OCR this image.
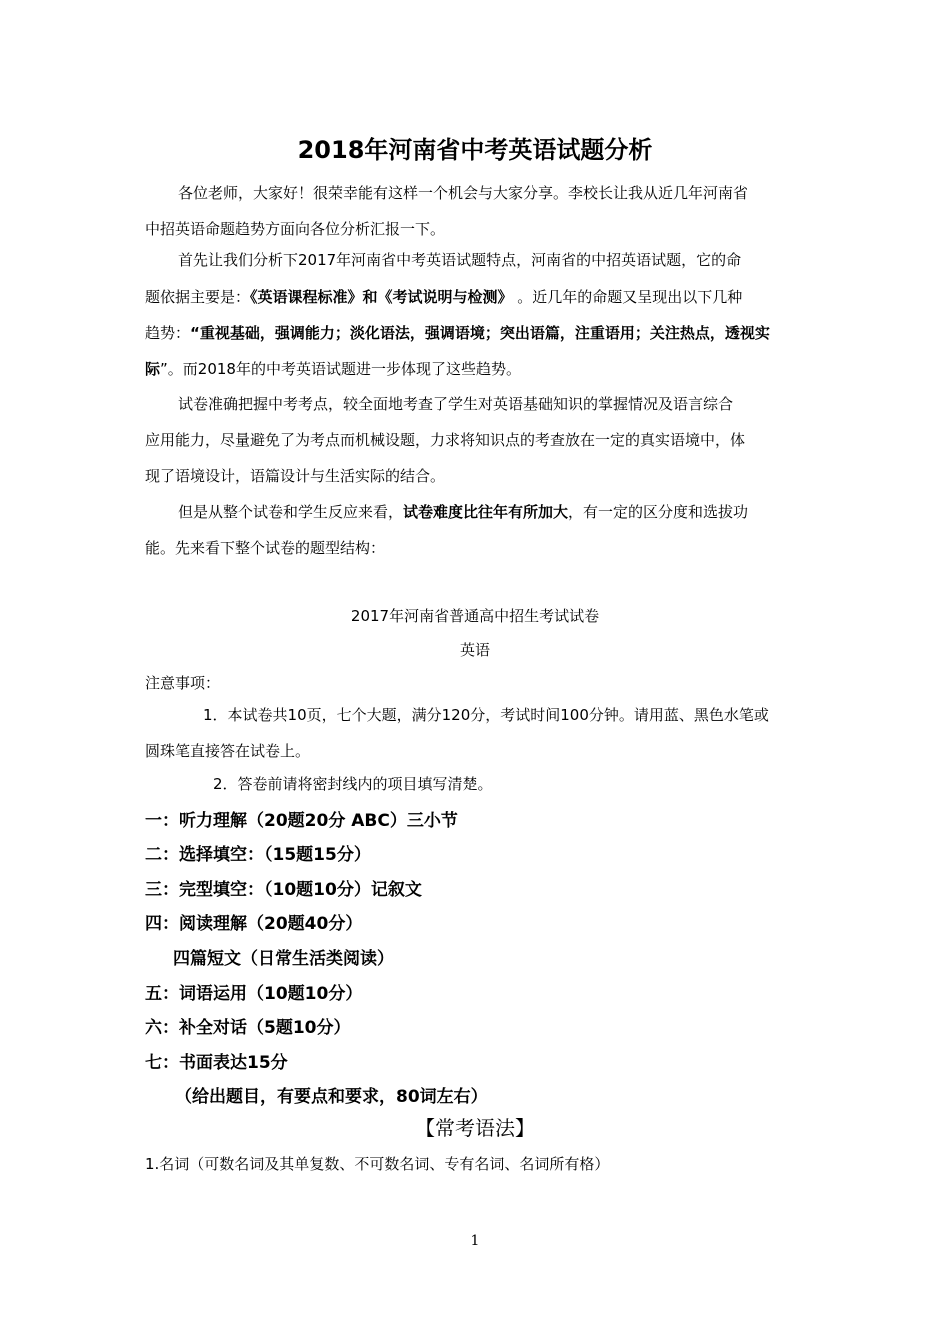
2018年河南省中考英语试题分析
各位老师，大家好！很荣幸能有这样一个机会与大家分享。李校长让我从近几年河南省
中招英语命题趋势方面向各位分析汇报一下。
首先让我们分析下2017年河南省中考英语试题特点，河南省的中招英语试题，它的命
题依据主要是：《英语课程标准》和《考试说明与检测》 。近几年的命题又呈现出以下几种
趋势：“重视基础，强调能力；淡化语法，强调语境；突出语篇，注重语用；关注热点，透视实
际”。而2018年的中考英语试题进一步体现了这些趋势。
试卷准确把握中考考点，较全面地考查了学生对英语基础知识的掌握情况及语言综合
应用能力，尽量避免了为考点而机械设题，力求将知识点的考查放在一定的真实语境中，体
现了语境设计，语篇设计与生活实际的结合。
但是从整个试卷和学生反应来看，试卷难度比往年有所加大，有一定的区分度和选拔功
能。先来看下整个试卷的题型结构：
2017年河南省普通高中招生考试试卷
英语
注意事项：
1．本试卷共10页，七个大题，满分120分，考试时间100分钟。请用蓝、黑色水笔或
圆珠笔直接答在试卷上。
2．答卷前请将密封线内的项目填写清楚。
一：听力理解（20题20分 ABC）三小节
二：选择填空：（15题15分）
三：完型填空：（10题10分）记叙文
四：阅读理解（20题40分）
四篇短文（日常生活类阅读）
五：词语运用（10题10分）
六：补全对话（5题10分）
七：书面表达15分
（给出题目，有要点和要求，80词左右）
【常考语法】
1.名词（可数名词及其单复数、不可数名词、专有名词、名词所有格）
1
